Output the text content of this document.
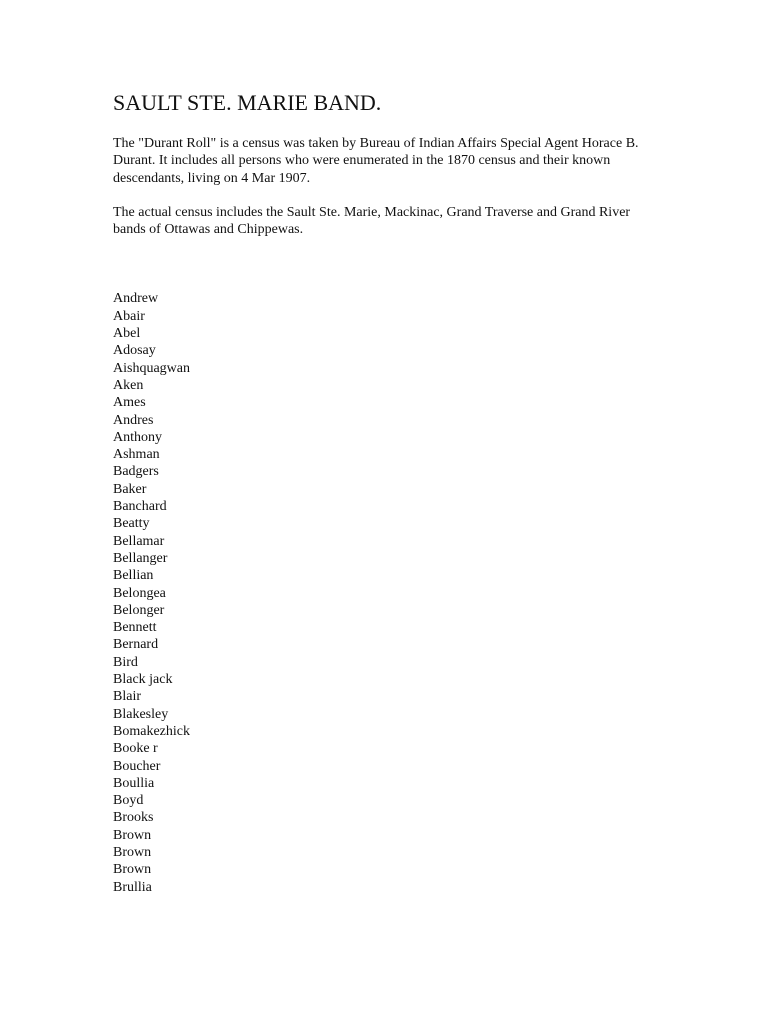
SAULT STE. MARIE BAND.

The "Durant Roll" is a census was taken by Bureau of Indian Affairs Special Agent Horace B. Durant. It includes all persons who were enumerated in the 1870 census and their known descendants, living on 4 Mar 1907.

The actual census includes the Sault Ste. Marie, Mackinac, Grand Traverse and Grand River bands of Ottawas and Chippewas.

Andrew
Abair
Abel
Adosay
Aishquagwan
Aken
Ames
Andres
Anthony
Ashman
Badgers
Baker
Banchard
Beatty
Bellamar
Bellanger
Bellian
Belongea
Belonger
Bennett
Bernard
Bird
Black jack
Blair
Blakesley
Bomakezhick
Booke r
Boucher
Boullia
Boyd
Brooks
Brown
Brown
Brown
Brullia
